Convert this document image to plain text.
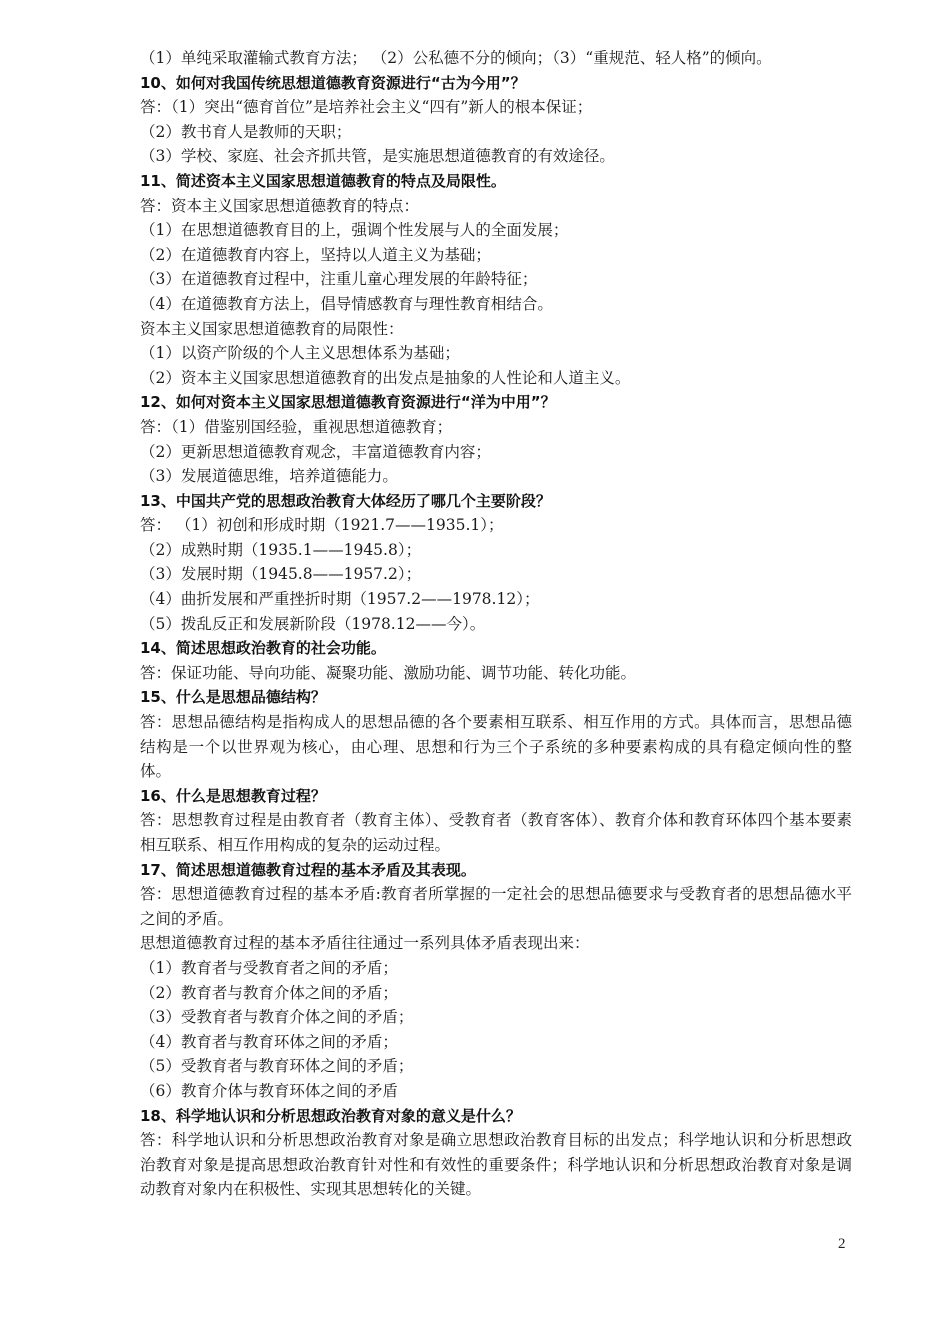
（1）单纯采取灌输式教育方法； （2）公私德不分的倾向；（3）“重规范、轻人格”的倾向。
10、如何对我国传统思想道德教育资源进行“古为今用”？
答：（1）突出“德育首位”是培养社会主义“四有”新人的根本保证；
（2）教书育人是教师的天职；
（3）学校、家庭、社会齐抓共管，是实施思想道德教育的有效途径。
11、简述资本主义国家思想道德教育的特点及局限性。
答：资本主义国家思想道德教育的特点：
（1）在思想道德教育目的上，强调个性发展与人的全面发展；
（2）在道德教育内容上，坚持以人道主义为基础；
（3）在道德教育过程中，注重儿童心理发展的年龄特征；
（4）在道德教育方法上，倡导情感教育与理性教育相结合。
资本主义国家思想道德教育的局限性：
（1）以资产阶级的个人主义思想体系为基础；
（2）资本主义国家思想道德教育的出发点是抽象的人性论和人道主义。
12、如何对资本主义国家思想道德教育资源进行“洋为中用”？
答：（1）借鉴别国经验，重视思想道德教育；
（2）更新思想道德教育观念，丰富道德教育内容；
（3）发展道德思维，培养道德能力。
13、中国共产党的思想政治教育大体经历了哪几个主要阶段？
答： （1）初创和形成时期（1921.7——1935.1）；
（2）成熟时期（1935.1——1945.8）；
（3）发展时期（1945.8——1957.2）；
（4）曲折发展和严重挫折时期（1957.2——1978.12）；
（5）拨乱反正和发展新阶段（1978.12——今）。
14、简述思想政治教育的社会功能。
答：保证功能、导向功能、凝聚功能、激励功能、调节功能、转化功能。
15、什么是思想品德结构？
答：思想品德结构是指构成人的思想品德的各个要素相互联系、相互作用的方式。具体而言，思想品德结构是一个以世界观为核心，由心理、思想和行为三个子系统的多种要素构成的具有稳定倾向性的整体。
16、什么是思想教育过程？
答：思想教育过程是由教育者（教育主体）、受教育者（教育客体）、教育介体和教育环体四个基本要素相互联系、相互作用构成的复杂的运动过程。
17、简述思想道德教育过程的基本矛盾及其表现。
答：思想道德教育过程的基本矛盾:教育者所掌握的一定社会的思想品德要求与受教育者的思想品德水平之间的矛盾。
思想道德教育过程的基本矛盾往往通过一系列具体矛盾表现出来：
（1）教育者与受教育者之间的矛盾；
（2）教育者与教育介体之间的矛盾；
（3）受教育者与教育介体之间的矛盾；
（4）教育者与教育环体之间的矛盾；
（5）受教育者与教育环体之间的矛盾；
（6）教育介体与教育环体之间的矛盾
18、科学地认识和分析思想政治教育对象的意义是什么？
答：科学地认识和分析思想政治教育对象是确立思想政治教育目标的出发点；科学地认识和分析思想政治教育对象是提高思想政治教育针对性和有效性的重要条件；科学地认识和分析思想政治教育对象是调动教育对象内在积极性、实现其思想转化的关键。
2
